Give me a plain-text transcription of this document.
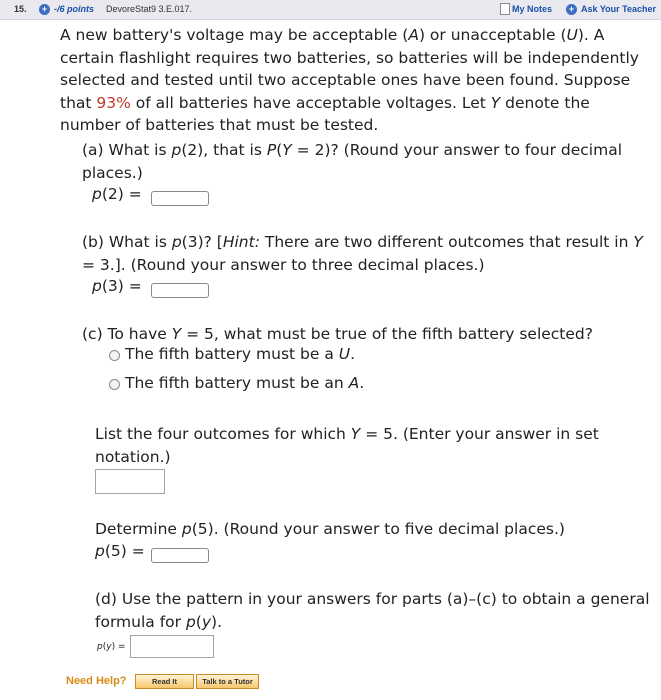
15.	+ -/6 points DevoreStat9 3.E.017.	My Notes	+ Ask Your Teacher
A new battery's voltage may be acceptable (A) or unacceptable (U). A certain flashlight requires two batteries, so batteries will be independently selected and tested until two acceptable ones have been found. Suppose that 93% of all batteries have acceptable voltages. Let Y denote the number of batteries that must be tested.
(a) What is p(2), that is P(Y = 2)? (Round your answer to four decimal places.)
p(2) =
(b) What is p(3)? [Hint: There are two different outcomes that result in Y = 3.]. (Round your answer to three decimal places.)
p(3) =
(c) To have Y = 5, what must be true of the fifth battery selected?
The fifth battery must be a U.
The fifth battery must be an A.
List the four outcomes for which Y = 5. (Enter your answer in set notation.)
Determine p(5). (Round your answer to five decimal places.)
p(5) =
(d) Use the pattern in your answers for parts (a)–(c) to obtain a general formula for p(y).
p(y) =
Need Help?	Read It	Talk to a Tutor
